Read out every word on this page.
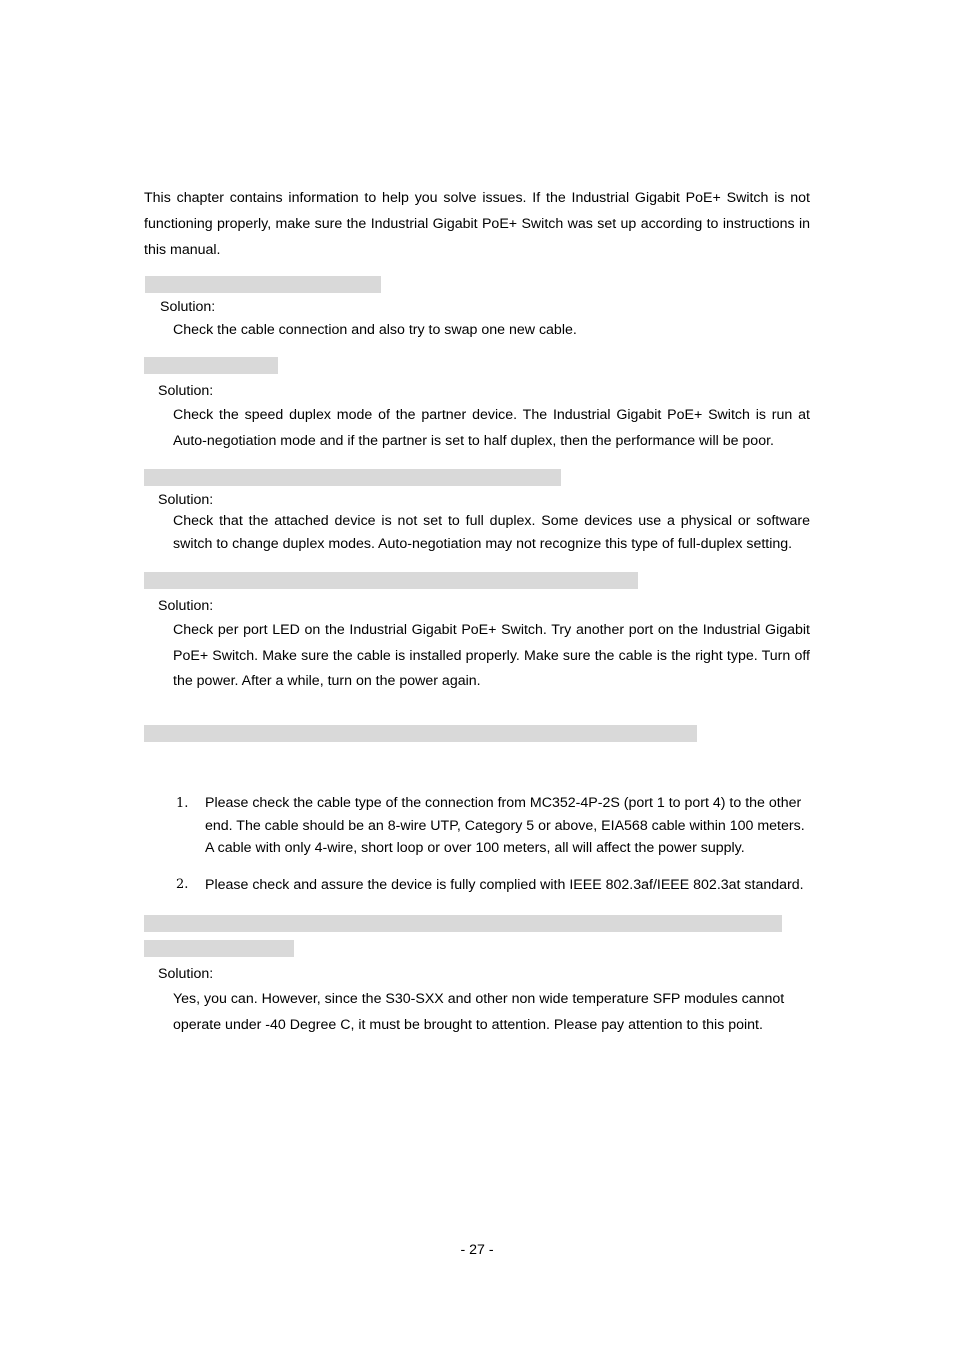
This chapter contains information to help you solve issues. If the Industrial Gigabit PoE+ Switch is not functioning properly, make sure the Industrial Gigabit PoE+ Switch was set up according to instructions in this manual.
Solution:
Check the cable connection and also try to swap one new cable.
Solution:
Check the speed duplex mode of the partner device. The Industrial Gigabit PoE+ Switch is run at Auto-negotiation mode and if the partner is set to half duplex, then the performance will be poor.
Solution:
Check that the attached device is not set to full duplex. Some devices use a physical or software switch to change duplex modes. Auto-negotiation may not recognize this type of full-duplex setting.
Solution:
Check per port LED on the Industrial Gigabit PoE+ Switch. Try another port on the Industrial Gigabit PoE+ Switch. Make sure the cable is installed properly. Make sure the cable is the right type. Turn off the power. After a while, turn on the power again.
1. Please check the cable type of the connection from MC352-4P-2S (port 1 to port 4) to the other end. The cable should be an 8-wire UTP, Category 5 or above, EIA568 cable within 100 meters. A cable with only 4-wire, short loop or over 100 meters, all will affect the power supply.
2. Please check and assure the device is fully complied with IEEE 802.3af/IEEE 802.3at standard.
Solution:
Yes, you can. However, since the S30-SXX and other non wide temperature SFP modules cannot operate under -40 Degree C, it must be brought to attention. Please pay attention to this point.
- 27 -
